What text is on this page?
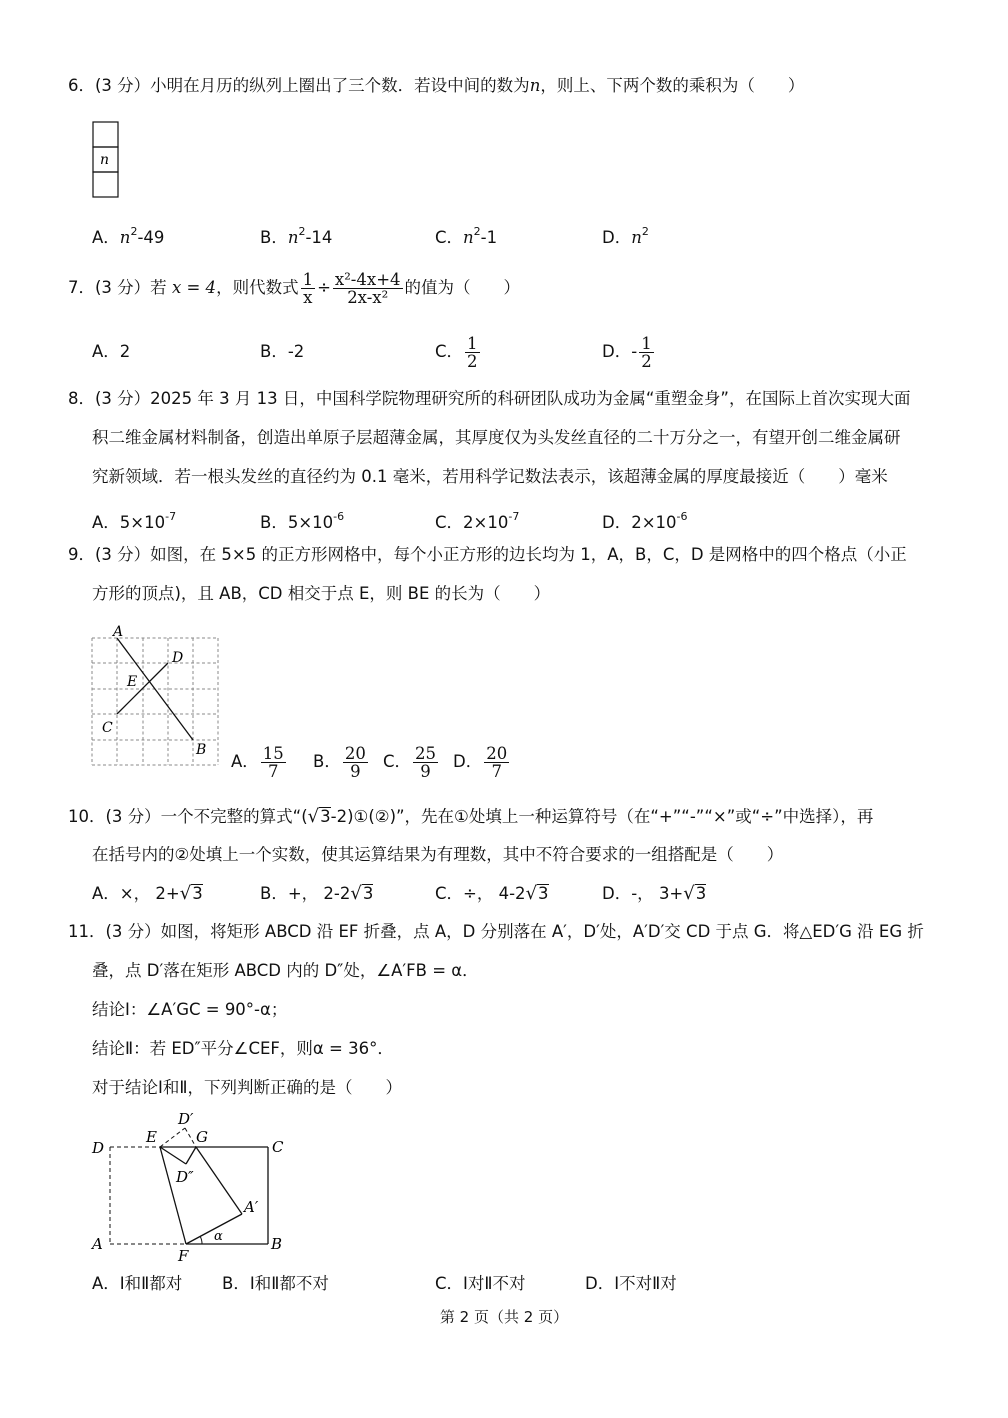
6．(3 分）小明在月历的纵列上圈出了三个数．若设中间的数为n，则上、下两个数的乘积为（　　）
n
A．$n^2-49$	B．$n^2-14$	C．$n^2-1$	D．$n^2$
7．(3 分）若 x = 4，则代数式 $\frac{1}{x} \div \frac{\text{x²-4x+4}}{\text{2x-x²}}$ 的值为（　　）
A．2	B．-2	C． $\frac{1}{2}$	D．- $\frac{1}{2}$
8．(3 分）2025 年 3 月 13 日，中国科学院物理研究所的科研团队成功为金属“重塑金身”，在国际上首次实现大面
积二维金属材料制备，创造出单原子层超薄金属，其厚度仅为头发丝直径的二十万分之一，有望开创二维金属研
究新领域．若一根头发丝的直径约为 0.1 毫米，若用科学记数法表示，该超薄金属的厚度最接近（　　）毫米
A．$5\times 10^{-7}$	B．$5\times 10^{-6}$	C．$2\times 10^{-7}$	D．$2\times 10^{-6}$
9．(3 分）如图，在 5×5 的正方形网格中，每个小正方形的边长均为 1，A，B，C，D 是网格中的四个格点（小正
方形的顶点)，且 AB，CD 相交于点 E，则 BE 的长为（　　）
A
B
C
D
E
A． $\frac{15}{7}$ B． $\frac{20}{9}$ C． $\frac{25}{9}$ D． $\frac{20}{7}$
10．(3 分）一个不完整的算式“(√3-2)①(②)”，先在①处填上一种运算符号（在“+”“-”“×”或“÷”中选择），再
在括号内的②处填上一个实数，使其运算结果为有理数，其中不符合要求的一组搭配是（　　）
A．×， 2+√3	B．+， 2-2√3	C．÷， 4-2√3	D．-， 3+√3
11．(3 分）如图，将矩形 ABCD 沿 EF 折叠，点 A，D 分别落在 A′，D′处，A′D′交 CD 于点 G．将△ED′G 沿 EG 折
叠，点 D′落在矩形 ABCD 内的 D″处，∠A′FB = α．
结论Ⅰ：∠A′GC = 90°-α；
结论Ⅱ：若 ED″平分∠CEF，则α = 36°．
对于结论Ⅰ和Ⅱ，下列判断正确的是（　　）
D′
D
E	G
C
D″
A′
A
F
B
α
A．Ⅰ和Ⅱ都对 B．Ⅰ和Ⅱ都不对	C．Ⅰ对Ⅱ不对	D．Ⅰ不对Ⅱ对
第 2 页（共 2 页）
